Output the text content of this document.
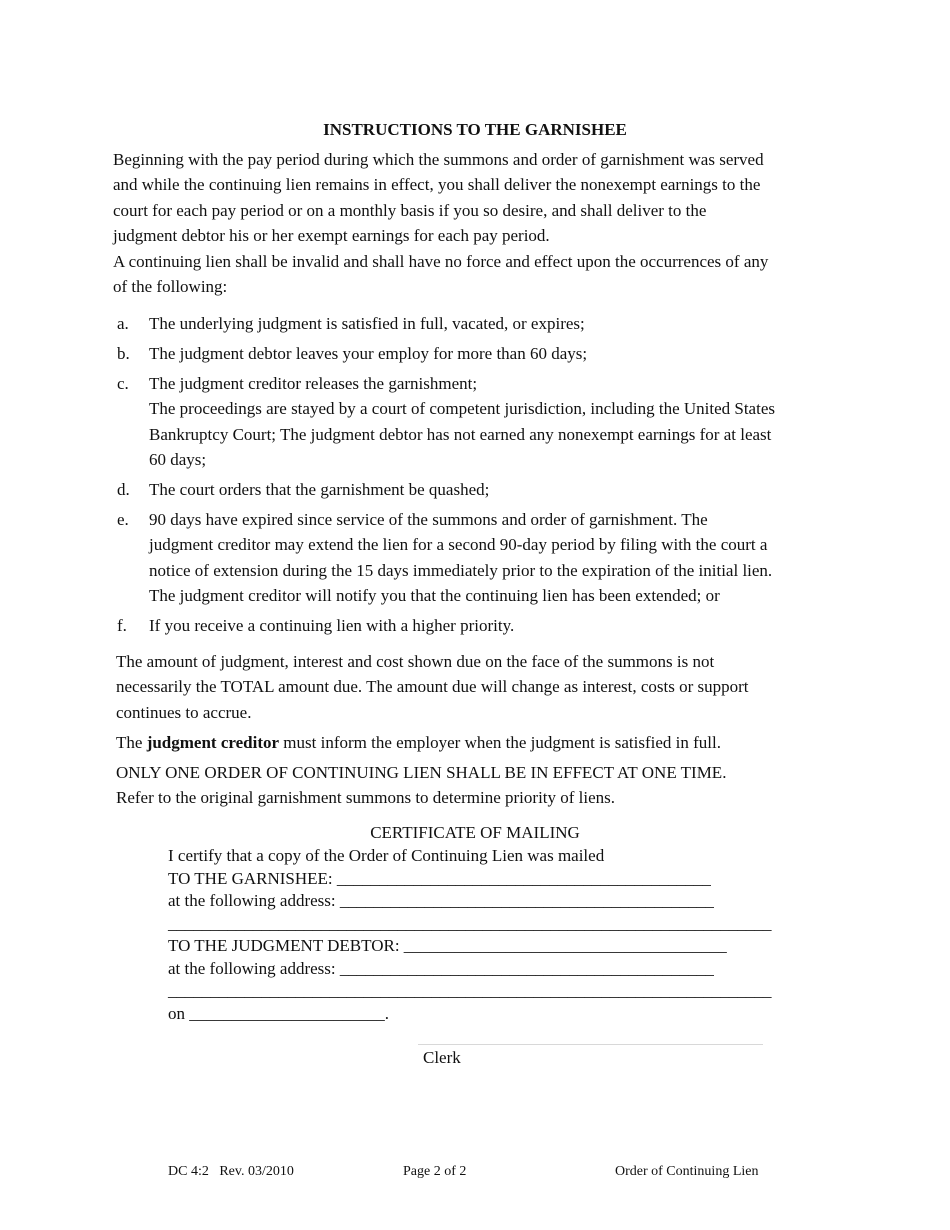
INSTRUCTIONS TO THE GARNISHEE
Beginning with the pay period during which the summons and order of garnishment was served
and while the continuing lien remains in effect, you shall deliver the nonexempt earnings to the
court for each pay period or on a monthly basis if you so desire, and shall deliver to the
judgment debtor his or her exempt earnings for each pay period.
A continuing lien shall be invalid and shall have no force and effect upon the occurrences of any
of the following:
a. The underlying judgment is satisfied in full, vacated, or expires;
b. The judgment debtor leaves your employ for more than 60 days;
c. The judgment creditor releases the garnishment;
The proceedings are stayed by a court of competent jurisdiction, including the United States
Bankruptcy Court; The judgment debtor has not earned any nonexempt earnings for at least
60 days;
d. The court orders that the garnishment be quashed;
e. 90 days have expired since service of the summons and order of garnishment. The
judgment creditor may extend the lien for a second 90-day period by filing with the court a
notice of extension during the 15 days immediately prior to the expiration of the initial lien.
The judgment creditor will notify you that the continuing lien has been extended; or
f. If you receive a continuing lien with a higher priority.
The amount of judgment, interest and cost shown due on the face of the summons is not
necessarily the TOTAL amount due. The amount due will change as interest, costs or support
continues to accrue.
The judgment creditor must inform the employer when the judgment is satisfied in full.
ONLY ONE ORDER OF CONTINUING LIEN SHALL BE IN EFFECT AT ONE TIME.
Refer to the original garnishment summons to determine priority of liens.
CERTIFICATE OF MAILING
I certify that a copy of the Order of Continuing Lien was mailed
TO THE GARNISHEE: ____________________________________________
at the following address: ____________________________________________
_______________________________________________________________________
TO THE JUDGMENT DEBTOR: ______________________________________
at the following address: ____________________________________________
_______________________________________________________________________
on _______________________.
Clerk
DC 4:2   Rev. 03/2010	Page 2 of 2	Order of Continuing Lien
